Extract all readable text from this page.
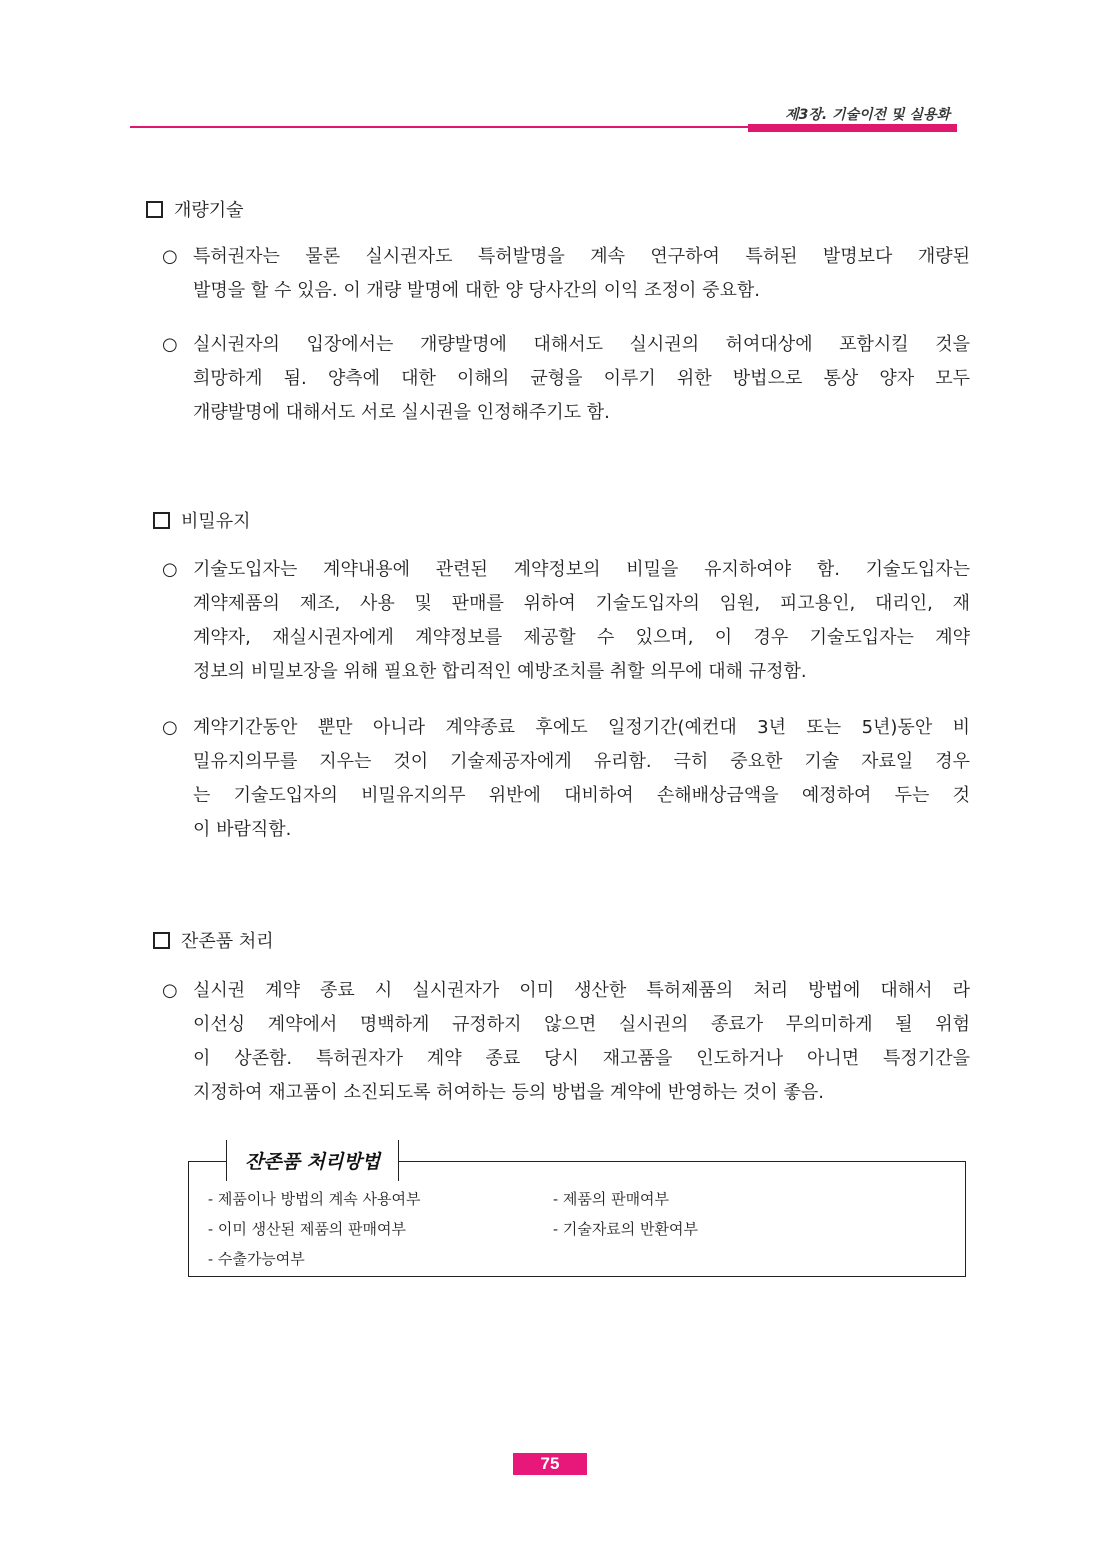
제3장. 기술이전 및 실용화
개량기술
○ 특허권자는 물론 실시권자도 특허발명을 계속 연구하여 특허된 발명보다 개량된
발명을 할 수 있음. 이 개량 발명에 대한 양 당사간의 이익 조정이 중요함.
○ 실시권자의 입장에서는 개량발명에 대해서도 실시권의 허여대상에 포함시킬 것을
희망하게 됨. 양측에 대한 이해의 균형을 이루기 위한 방법으로 통상 양자 모두
개량발명에 대해서도 서로 실시권을 인정해주기도 함.
비밀유지
○ 기술도입자는 계약내용에 관련된 계약정보의 비밀을 유지하여야 함. 기술도입자는
계약제품의 제조, 사용 및 판매를 위하여 기술도입자의 임원, 피고용인, 대리인, 재
계약자, 재실시권자에게 계약정보를 제공할 수 있으며, 이 경우 기술도입자는 계약
정보의 비밀보장을 위해 필요한 합리적인 예방조치를 취할 의무에 대해 규정함.
○ 계약기간동안 뿐만 아니라 계약종료 후에도 일정기간(예컨대 3년 또는 5년)동안 비
밀유지의무를 지우는 것이 기술제공자에게 유리함. 극히 중요한 기술 자료일 경우
는 기술도입자의 비밀유지의무 위반에 대비하여 손해배상금액을 예정하여 두는 것
이 바람직함.
잔존품 처리
○ 실시권 계약 종료 시 실시권자가 이미 생산한 특허제품의 처리 방법에 대해서 라
이선싱 계약에서 명백하게 규정하지 않으면 실시권의 종료가 무의미하게 될 위험
이 상존함. 특허권자가 계약 종료 당시 재고품을 인도하거나 아니면 특정기간을
지정하여 재고품이 소진되도록 허여하는 등의 방법을 계약에 반영하는 것이 좋음.
잔존품 처리방법
- 제품이나 방법의 계속 사용여부	- 제품의 판매여부
- 이미 생산된 제품의 판매여부	- 기술자료의 반환여부
- 수출가능여부
75
